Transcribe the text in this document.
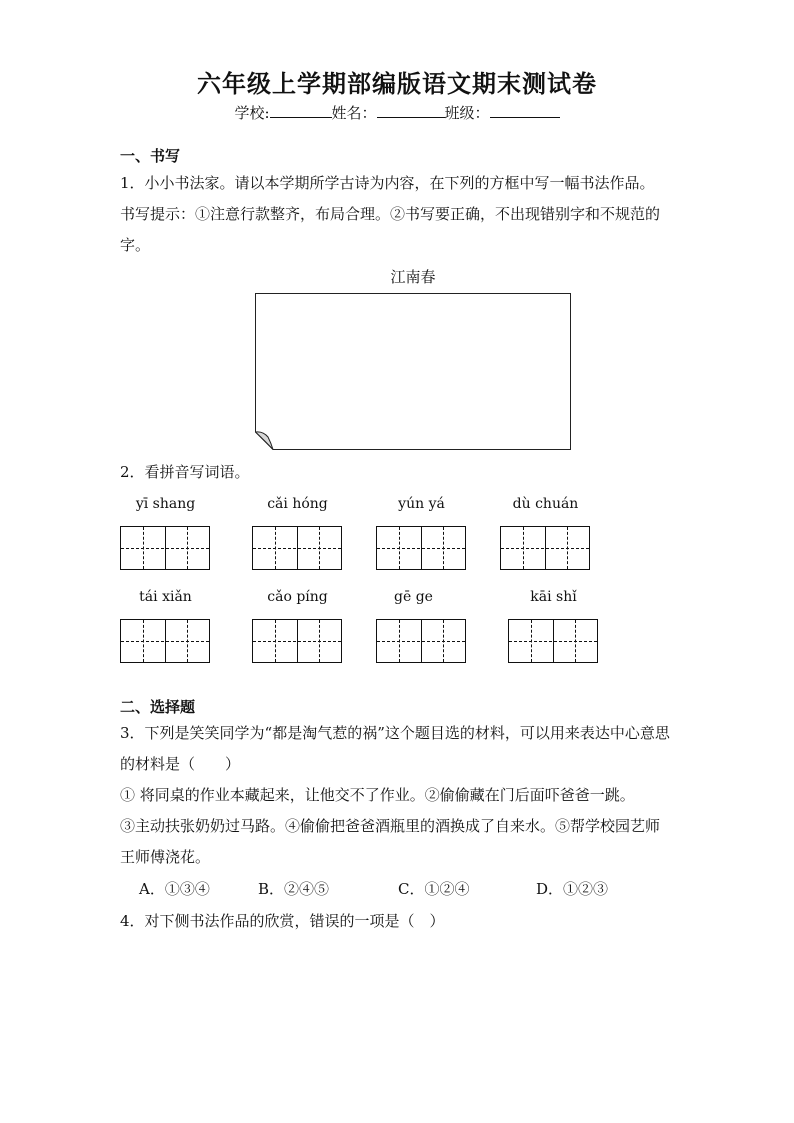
六年级上学期部编版语文期末测试卷
学校:	姓名：	班级：
一、书写
1．小小书法家。请以本学期所学古诗为内容，在下列的方框中写一幅书法作品。
书写提示：①注意行款整齐，布局合理。②书写要正确，不出现错别字和不规范的
字。
江南春
2．看拼音写词语。
yī shang	cǎi hóng	yún yá	dù chuán
tái xiǎn	cǎo píng	gē ge	kāi shǐ
二、选择题
3．下列是笑笑同学为“都是淘气惹的祸”这个题目选的材料，可以用来表达中心意思
的材料是（　　）
① 将同桌的作业本藏起来，让他交不了作业。②偷偷藏在门后面吓爸爸一跳。
③主动扶张奶奶过马路。④偷偷把爸爸酒瓶里的酒换成了自来水。⑤帮学校园艺师
王师傅浇花。
A．①③④	B．②④⑤	C．①②④	D．①②③
4．对下侧书法作品的欣赏，错误的一项是（　）
